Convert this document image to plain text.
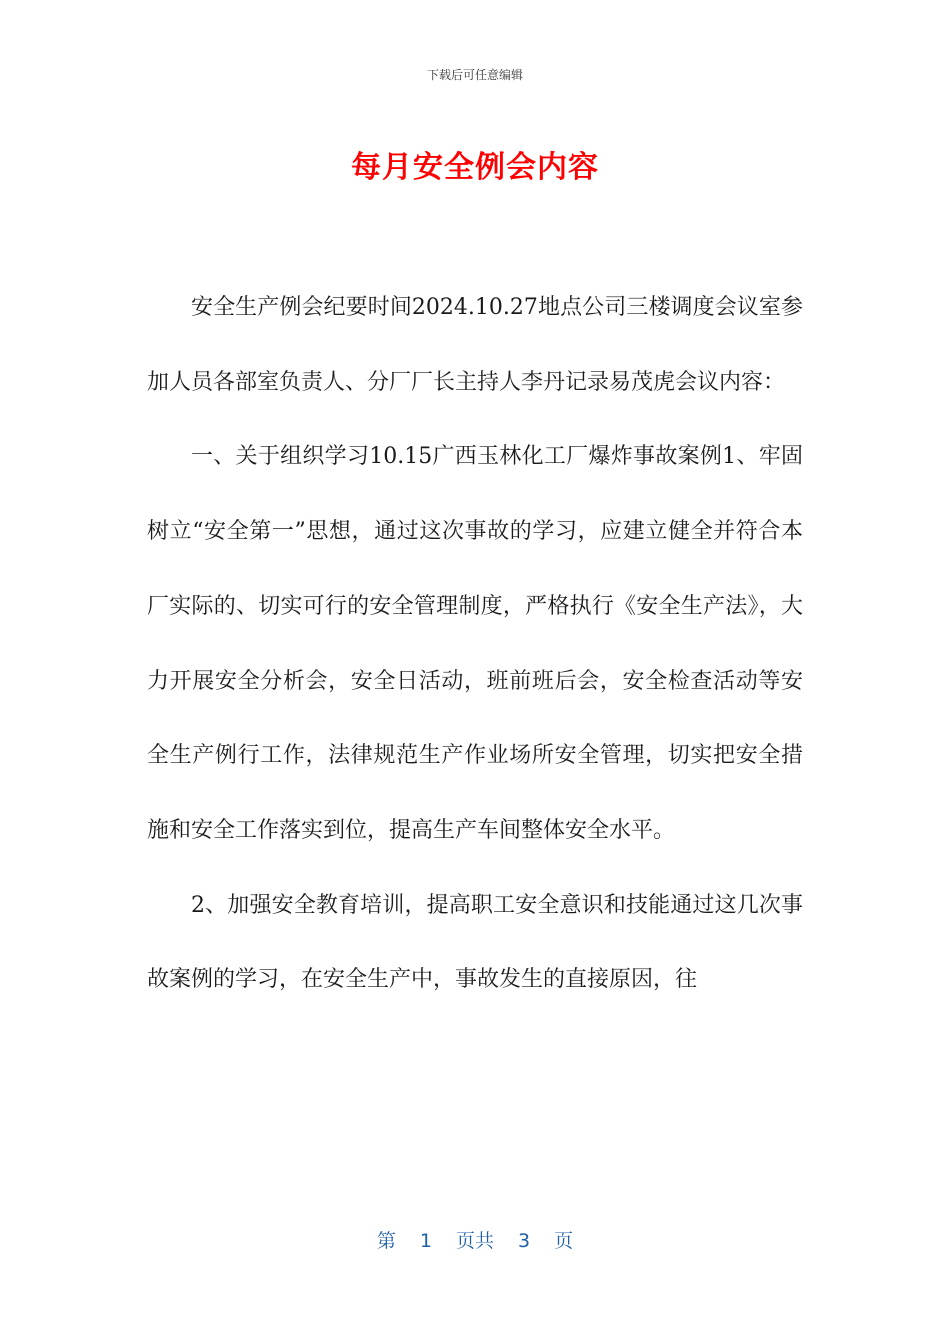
下载后可任意编辑
每月安全例会内容

安全生产例会纪要时间2024.10.27地点公司三楼调度会议室参加人员各部室负责人、分厂厂长主持人李丹记录易茂虎会议内容：

一、关于组织学习10.15广西玉林化工厂爆炸事故案例1、牢固树立“安全第一”思想，通过这次事故的学习，应建立健全并符合本厂实际的、切实可行的安全管理制度，严格执行《安全生产法》，大力开展安全分析会，安全日活动，班前班后会，安全检查活动等安全生产例行工作，法律规范生产作业场所安全管理，切实把安全措施和安全工作落实到位，提高生产车间整体安全水平。

2、加强安全教育培训，提高职工安全意识和技能通过这几次事故案例的学习，在安全生产中，事故发生的直接原因，往

第 1 页共 3 页
